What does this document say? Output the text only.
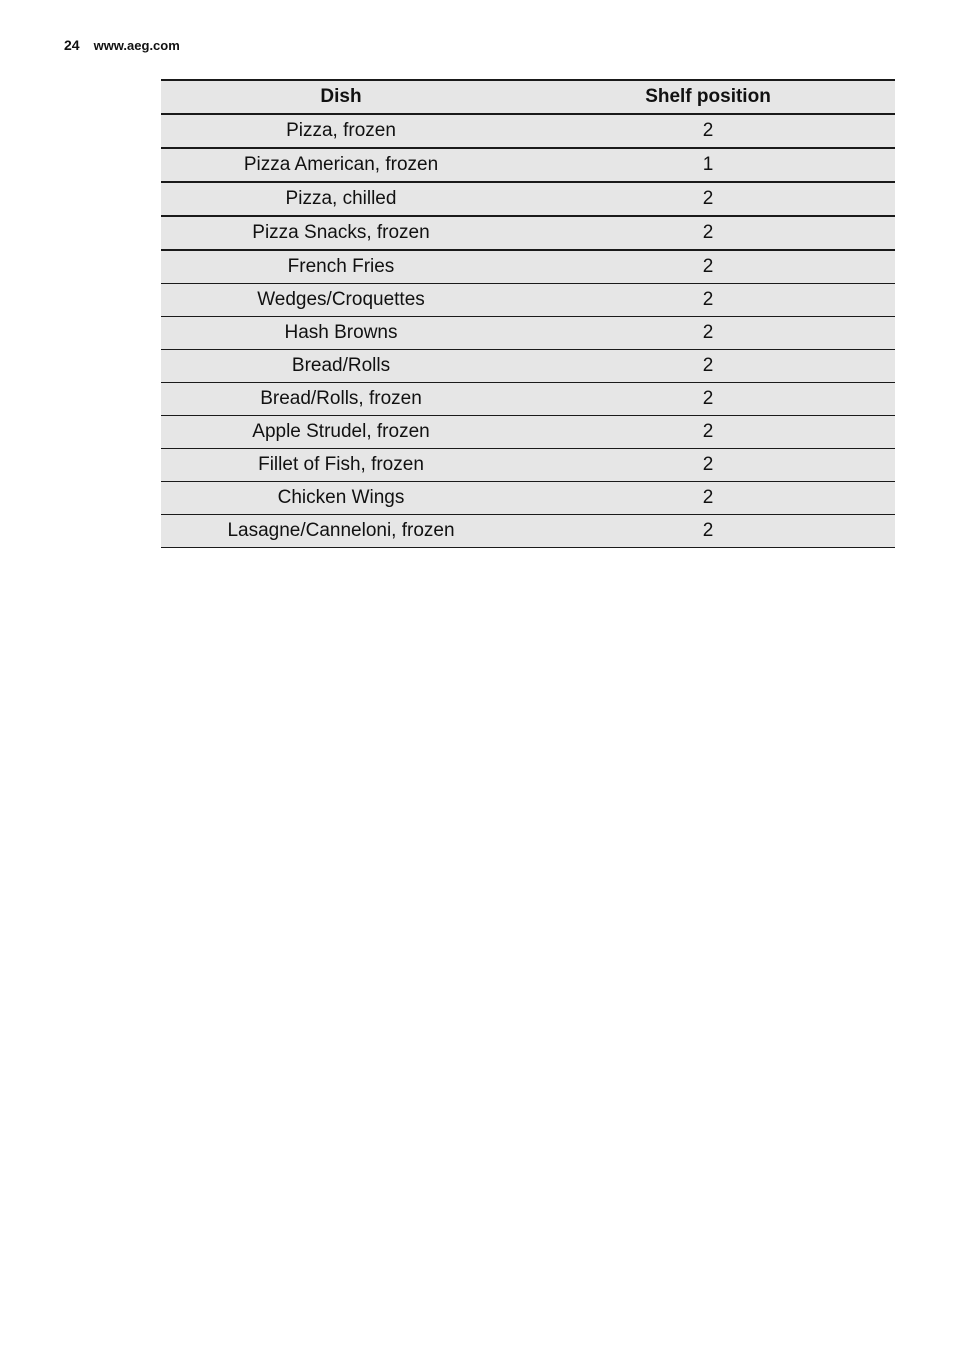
24 www.aeg.com
Dish	Shelf position
Pizza, frozen	2
Pizza American, frozen	1
Pizza, chilled	2
Pizza Snacks, frozen	2
French Fries	2
Wedges/Croquettes	2
Hash Browns	2
Bread/Rolls	2
Bread/Rolls, frozen	2
Apple Strudel, frozen	2
Fillet of Fish, frozen	2
Chicken Wings	2
Lasagne/Canneloni, frozen	2
